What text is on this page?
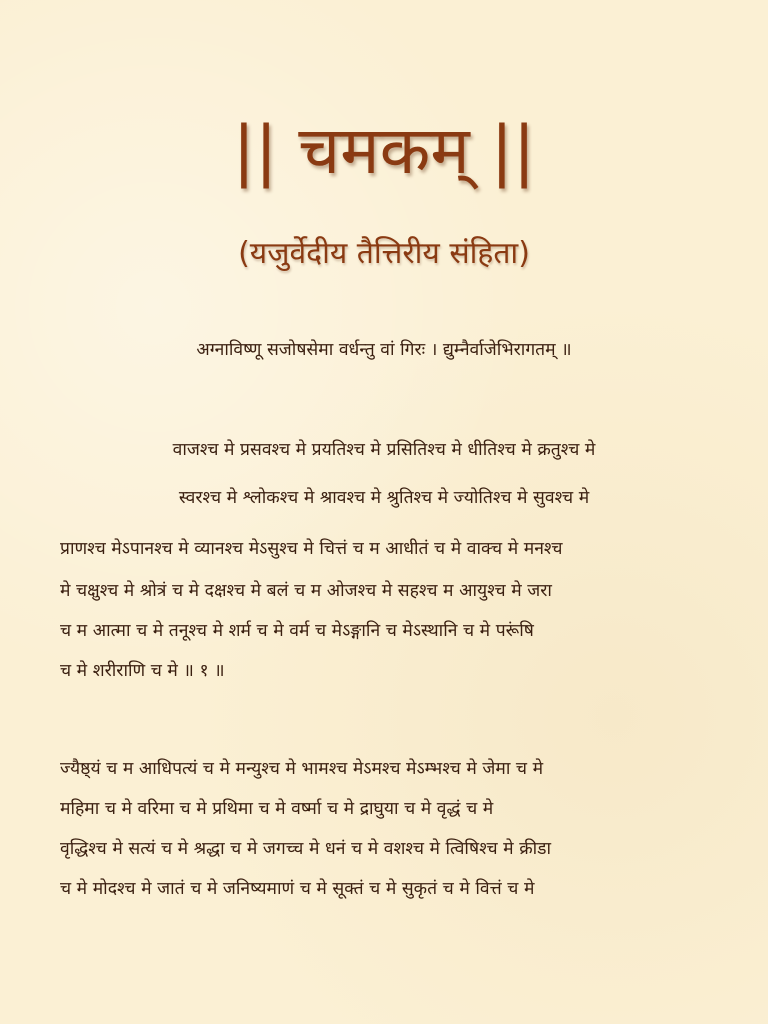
|| चमकम् ||
(यजुर्वेदीय तैत्तिरीय संहिता)
अग्नाविष्णू सजोषसेमा वर्धन्तु वां गिरः । द्युम्नैर्वाजेभिरागतम् ॥
वाजश्च मे प्रसवश्च मे प्रयतिश्च मे प्रसितिश्च मे धीतिश्च मे क्रतुश्च मे
स्वरश्च मे श्लोकश्च मे श्रावश्च मे श्रुतिश्च मे ज्योतिश्च मे सुवश्च मे
प्राणश्च मेऽपानश्च मे व्यानश्च मेऽसुश्च मे चित्तं च म आधीतं च मे वाक्च मे मनश्च
मे चक्षुश्च मे श्रोत्रं च मे दक्षश्च मे बलं च म ओजश्च मे सहश्च म आयुश्च मे जरा
च म आत्मा च मे तनूश्च मे शर्म च मे वर्म च मेऽङ्गानि च मेऽस्थानि च मे परूंषि
च मे शरीराणि च मे ॥ १ ॥
ज्यैष्ठ्यं च म आधिपत्यं च मे मन्युश्च मे भामश्च मेऽमश्च मेऽम्भश्च मे जेमा च मे
महिमा च मे वरिमा च मे प्रथिमा च मे वर्ष्मा च मे द्राघुया च मे वृद्धं च मे
वृद्धिश्च मे सत्यं च मे श्रद्धा च मे जगच्च मे धनं च मे वशश्च मे त्विषिश्च मे क्रीडा
च मे मोदश्च मे जातं च मे जनिष्यमाणं च मे सूक्तं च मे सुकृतं च मे वित्तं च मे
